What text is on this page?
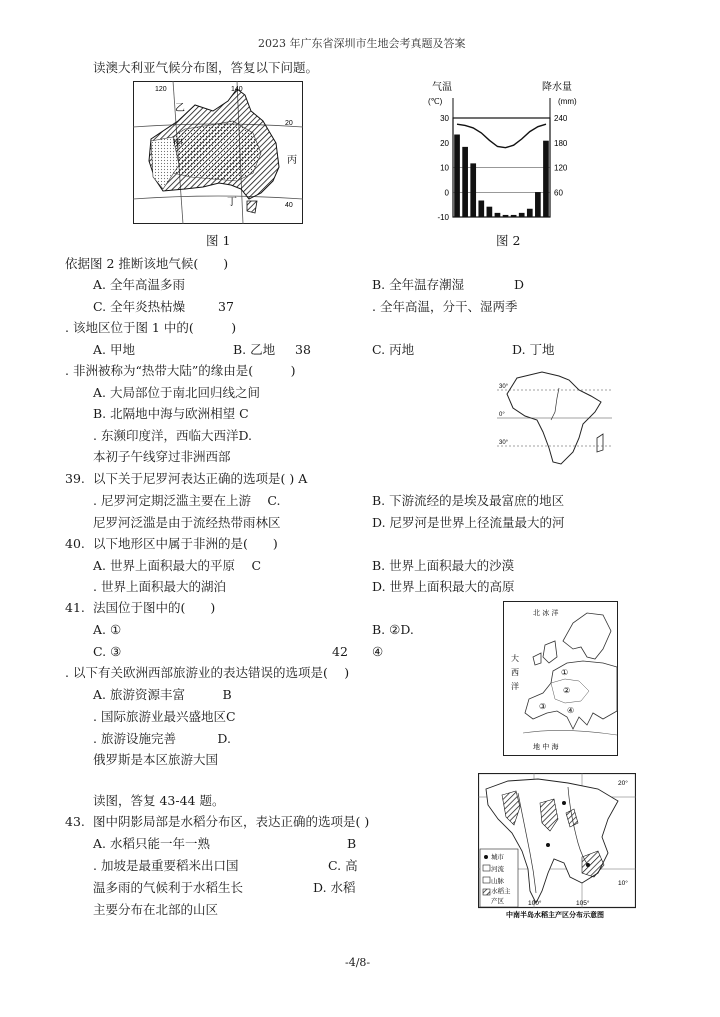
2023 年广东省深圳市生地会考真题及答案
读澳大利亚气候分布图，答复以下问题。
120	140
20
40
甲
乙
丙
丁
图 1
气温
(℃)
降水量
(mm)
30
20
10
0
-10
240
180
120
60
图 2
依据图 2 推断该地气候(　　)
A. 全年高温多雨	B. 全年温存潮湿	D
C. 全年炎热枯燥	37	. 全年高温，分干、湿两季
. 该地区位于图 1 中的(　　　)
A. 甲地	B. 乙地 38	C. 丙地	D. 丁地
. 非洲被称为“热带大陆”的缘由是(　　　)
A. 大局部位于南北回归线之间
B. 北隔地中海与欧洲相望 C
. 东濒印度洋，西临大西洋D.
本初子午线穿过非洲西部
30°
0°
30°
39. 以下关于尼罗河表达正确的选项是( ) A
. 尼罗河定期泛滥主要在上游　 C.	B. 下游流经的是埃及最富庶的地区
尼罗河泛滥是由于流经热带雨林区	D. 尼罗河是世界上径流量最大的河
40. 以下地形区中属于非洲的是(　　)
A. 世界上面积最大的平原　 C	B. 世界上面积最大的沙漠
. 世界上面积最大的湖泊	D. 世界上面积最大的高原
41. 法国位于图中的(　　)
A. ①	B. ②D.
C. ③	42 ④
北 冰 洋
大
西
洋
地 中 海
①
②
③	④
. 以下有关欧洲西部旅游业的表达错误的选项是(　 )
A. 旅游资源丰富　　　B
. 国际旅游业最兴盛地区C
. 旅游设施完善　　　 D.
俄罗斯是本区旅游大国
读图，答复 43-44 题。
城市
河流
山脉
水稻主
产区
20°
10°
100°	105°
中南半岛水稻主产区分布示意图
43. 图中阴影局部是水稻分布区，表达正确的选项是( )
A. 水稻只能一年一熟	B
. 加坡是最重要稻米出口国	C. 高
温多雨的气候利于水稻生长	D. 水稻
主要分布在北部的山区
-4/8-
